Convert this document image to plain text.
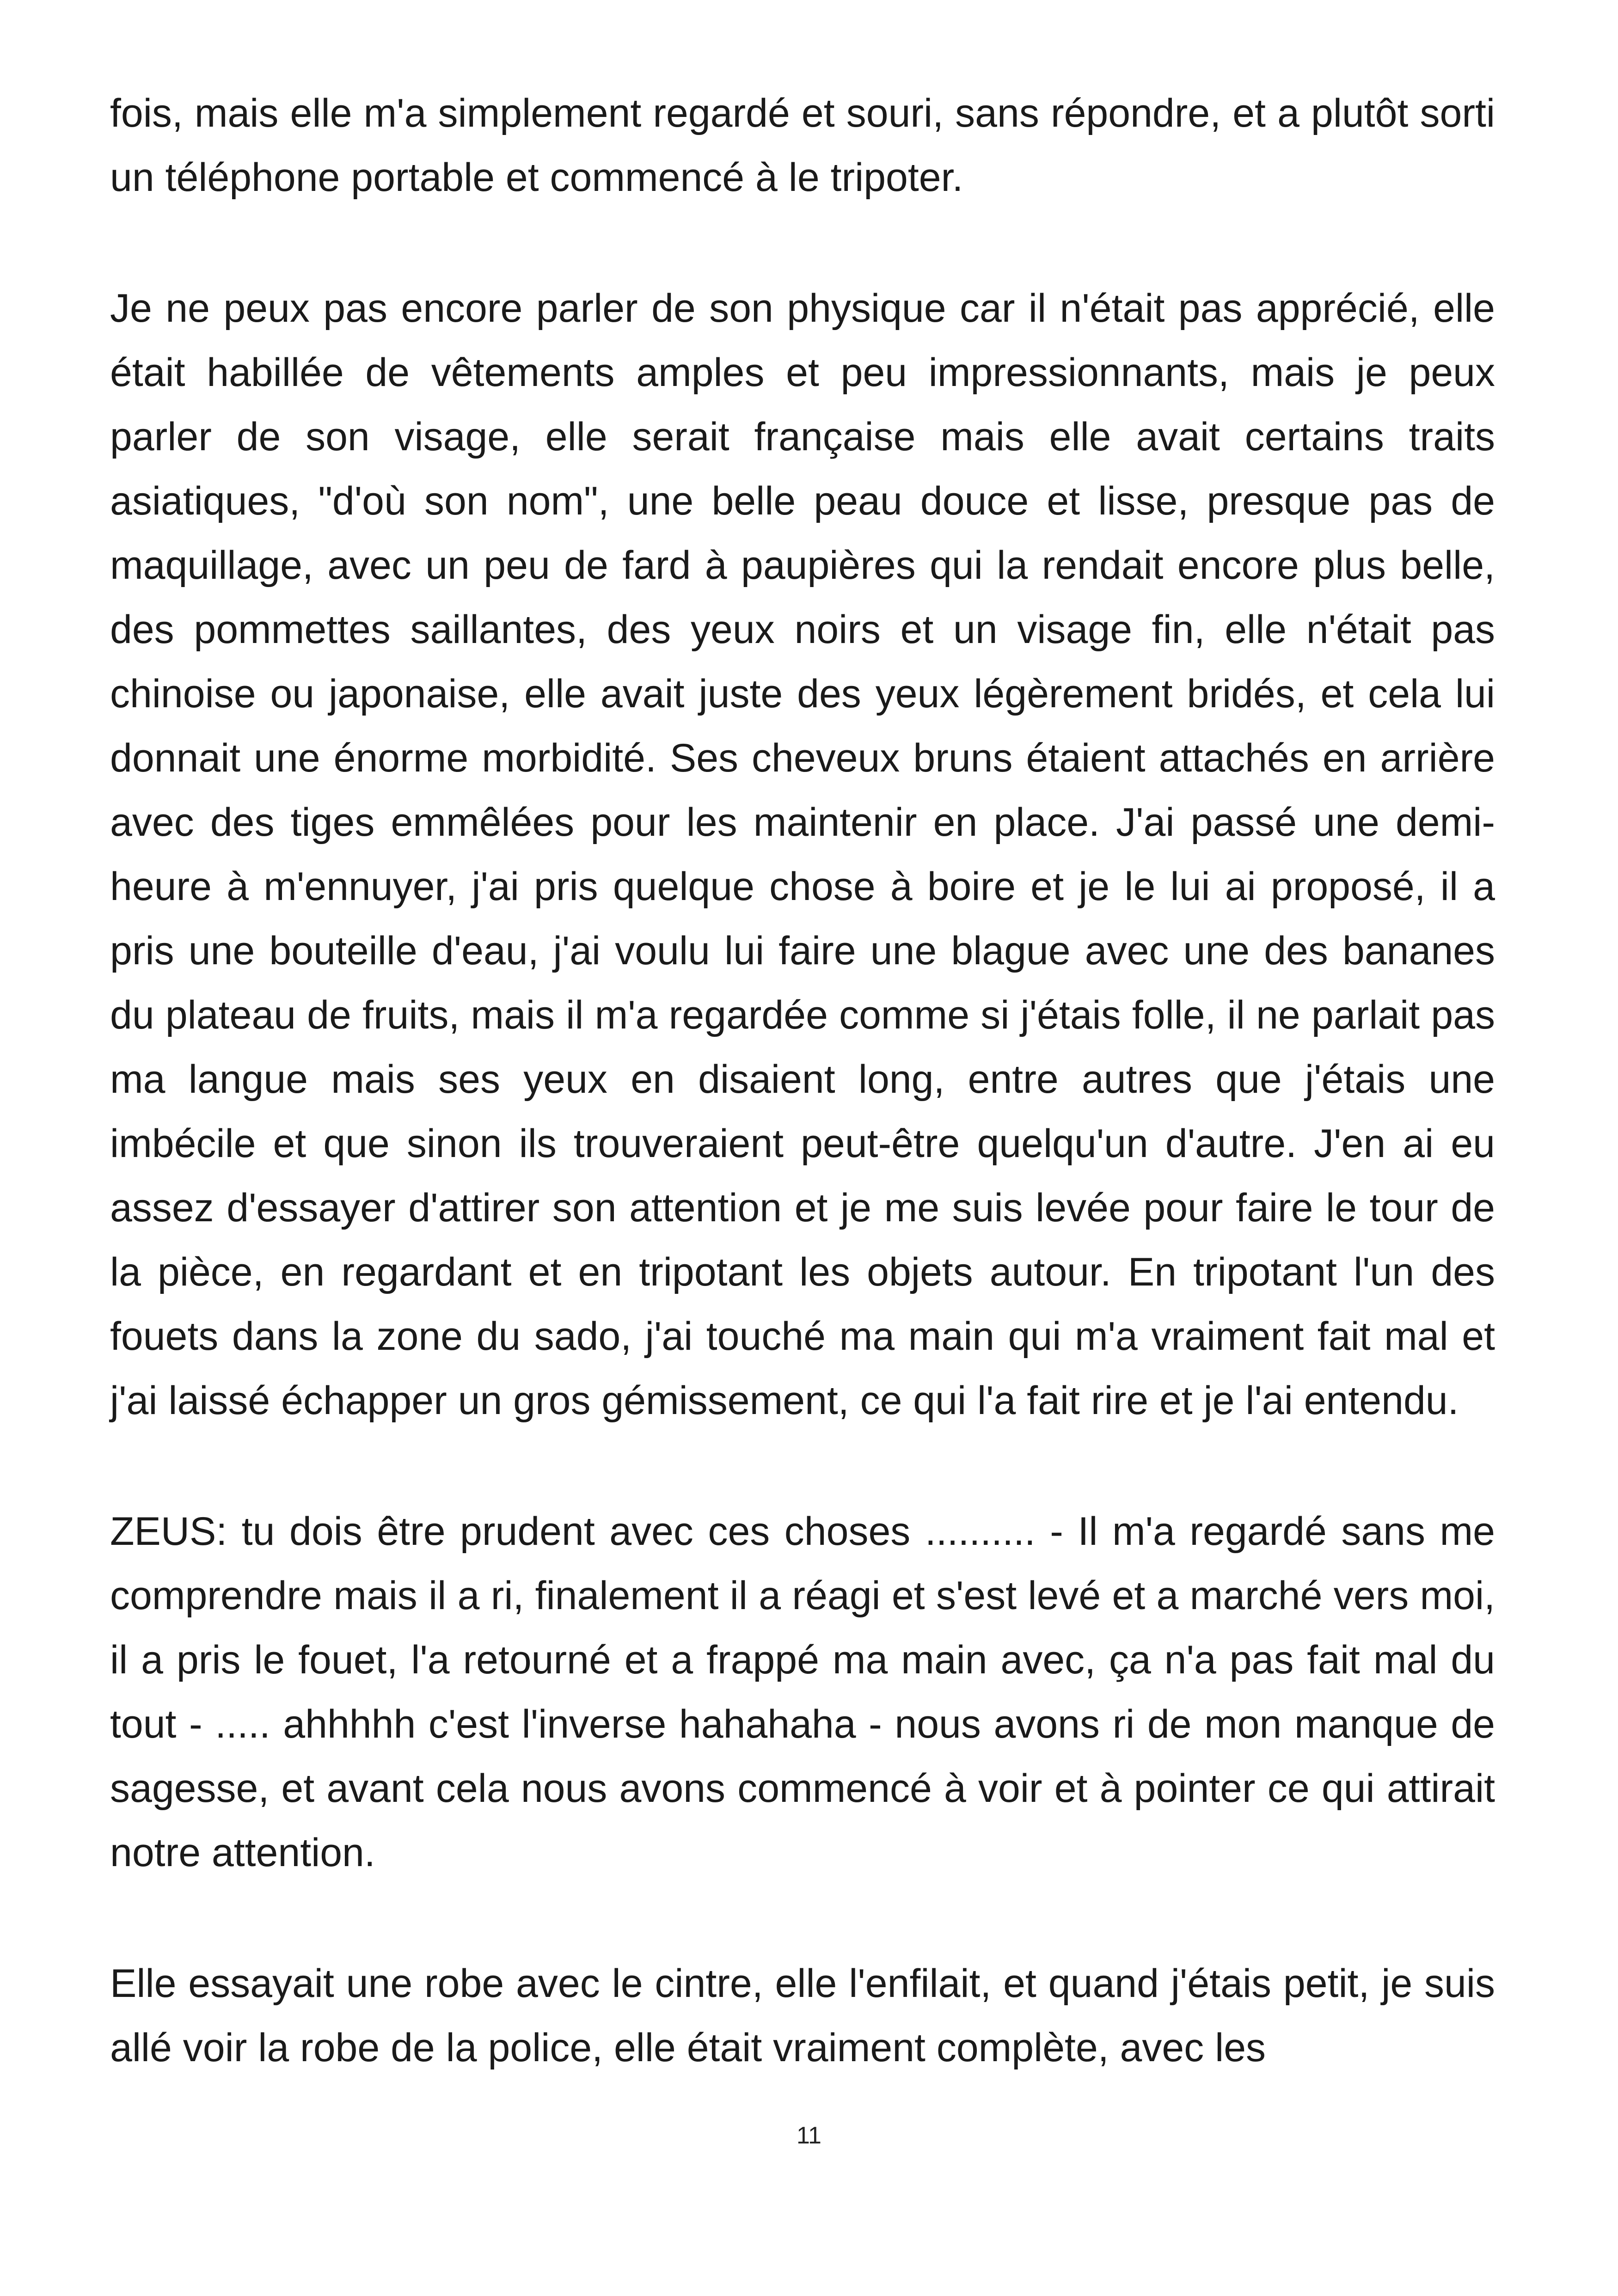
fois, mais elle m'a simplement regardé et souri, sans répondre, et a plutôt sorti un téléphone portable et commencé à le tripoter.

Je ne peux pas encore parler de son physique car il n'était pas apprécié, elle était habillée de vêtements amples et peu impressionnants, mais je peux parler de son visage, elle serait française mais elle avait certains traits asiatiques, "d'où son nom", une belle peau douce et lisse, presque pas de maquillage, avec un peu de fard à paupières qui la rendait encore plus belle, des pommettes saillantes, des yeux noirs et un visage fin, elle n'était pas chinoise ou japonaise, elle avait juste des yeux légèrement bridés, et cela lui donnait une énorme morbidité. Ses cheveux bruns étaient attachés en arrière avec des tiges emmêlées pour les maintenir en place. J'ai passé une demi-heure à m'ennuyer, j'ai pris quelque chose à boire et je le lui ai proposé, il a pris une bouteille d'eau, j'ai voulu lui faire une blague avec une des bananes du plateau de fruits, mais il m'a regardée comme si j'étais folle, il ne parlait pas ma langue mais ses yeux en disaient long, entre autres que j'étais une imbécile et que sinon ils trouveraient peut-être quelqu'un d'autre. J'en ai eu assez d'essayer d'attirer son attention et je me suis levée pour faire le tour de la pièce, en regardant et en tripotant les objets autour. En tripotant l'un des fouets dans la zone du sado, j'ai touché ma main qui m'a vraiment fait mal et j'ai laissé échapper un gros gémissement, ce qui l'a fait rire et je l'ai entendu.

ZEUS: tu dois être prudent avec ces choses .......... - Il m'a regardé sans me comprendre mais il a ri, finalement il a réagi et s'est levé et a marché vers moi, il a pris le fouet, l'a retourné et a frappé ma main avec, ça n'a pas fait mal du tout - ..... ahhhhh c'est l'inverse hahahaha - nous avons ri de mon manque de sagesse, et avant cela nous avons commencé à voir et à pointer ce qui attirait notre attention.

Elle essayait une robe avec le cintre, elle l'enfilait, et quand j'étais petit, je suis allé voir la robe de la police, elle était vraiment complète, avec les

11
